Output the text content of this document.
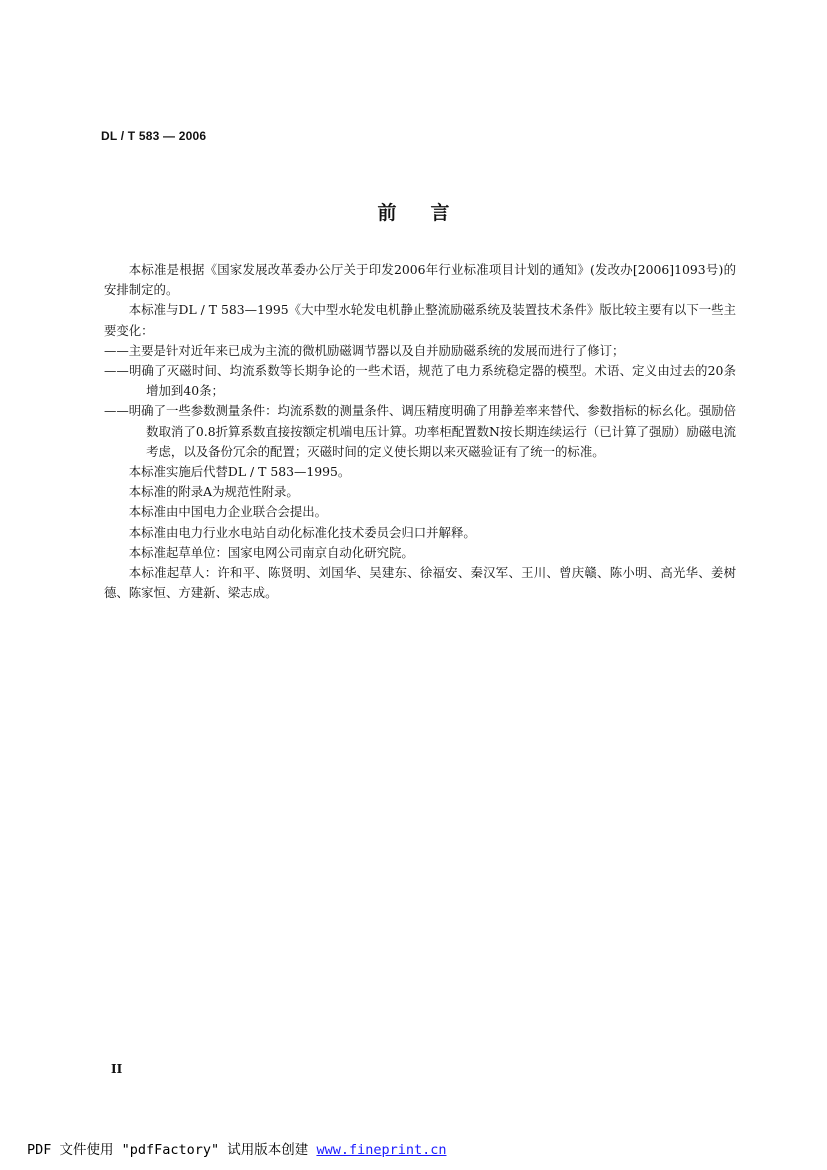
DL / T 583 — 2006
前言

本标准是根据《国家发展改革委办公厅关于印发2006年行业标准项目计划的通知》(发改办[2006]1093号)的安排制定的。

本标准与DL / T 583—1995《大中型水轮发电机静止整流励磁系统及装置技术条件》版比较主要有以下一些主要变化：

——主要是针对近年来已成为主流的微机励磁调节器以及自并励励磁系统的发展而进行了修订；

——明确了灭磁时间、均流系数等长期争论的一些术语，规范了电力系统稳定器的模型。术语、定义由过去的20条增加到40条；

——明确了一些参数测量条件：均流系数的测量条件、调压精度明确了用静差率来替代、参数指标的标幺化。强励倍数取消了0.8折算系数直接按额定机端电压计算。功率柜配置数N按长期连续运行（已计算了强励）励磁电流考虑，以及备份冗余的配置；灭磁时间的定义使长期以来灭磁验证有了统一的标准。

本标准实施后代替DL / T 583—1995。

本标准的附录A为规范性附录。

本标准由中国电力企业联合会提出。

本标准由电力行业水电站自动化标准化技术委员会归口并解释。

本标准起草单位：国家电网公司南京自动化研究院。

本标准起草人：许和平、陈贤明、刘国华、吴建东、徐福安、秦汉军、王川、曾庆赣、陈小明、高光华、姜树德、陈家恒、方建新、梁志成。

II
PDF 文件使用 "pdfFactory" 试用版本创建 www.fineprint.cn
